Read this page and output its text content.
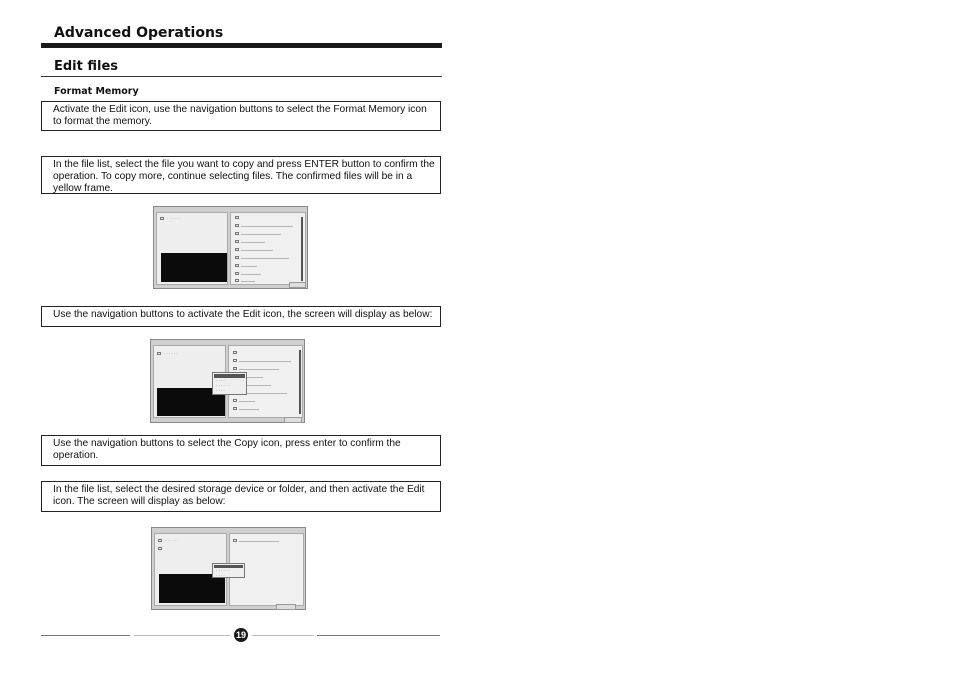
Advanced Operations
Edit files
Format Memory
Activate the Edit icon, use the navigation buttons to select the Format Memory icon to format the memory.
In the file list, select the file you want to copy and press ENTER button to confirm the operation. To copy more, continue selecting files. The confirmed files will be in a yellow frame.
· · · · · ·
Use the navigation buttons to activate the Edit icon, the screen will display as below:
· · · · · ·
· · · ·
· · · · · ·
· · · ·
Use the navigation buttons to select the Copy icon, press enter to confirm the operation.
In the file list, select the desired storage device or folder, and then activate the Edit icon. The screen will display as below:
· · · · · ·
· · · · · ·
· · · ·
19
